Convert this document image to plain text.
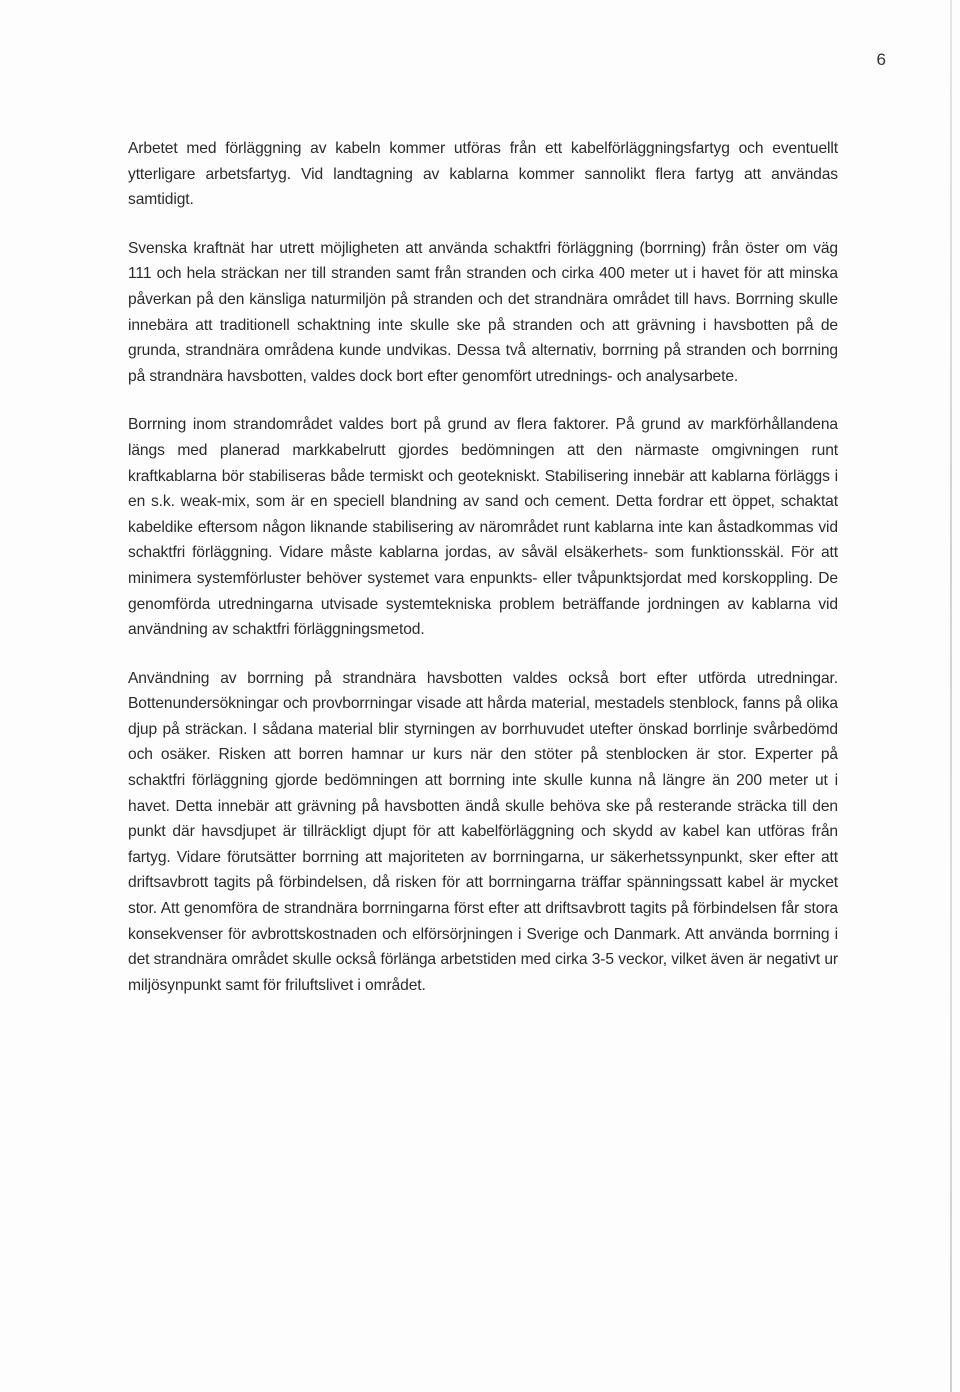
6

Arbetet med förläggning av kabeln kommer utföras från ett kabelförläggningsfartyg och eventuellt ytterligare arbetsfartyg. Vid landtagning av kablarna kommer sannolikt flera fartyg att användas samtidigt.

Svenska kraftnät har utrett möjligheten att använda schaktfri förläggning (borrning) från öster om väg 111 och hela sträckan ner till stranden samt från stranden och cirka 400 meter ut i havet för att minska påverkan på den känsliga naturmiljön på stranden och det strandnära området till havs. Borrning skulle innebära att traditionell schaktning inte skulle ske på stranden och att grävning i havsbotten på de grunda, strandnära områdena kunde undvikas. Dessa två alternativ, borrning på stranden och borrning på strandnära havsbotten, valdes dock bort efter genomfört utrednings- och analysarbete.

Borrning inom strandområdet valdes bort på grund av flera faktorer. På grund av markförhållandena längs med planerad markkabelrutt gjordes bedömningen att den närmaste omgivningen runt kraftkablarna bör stabiliseras både termiskt och geotekniskt. Stabilisering innebär att kablarna förläggs i en s.k. weak-mix, som är en speciell blandning av sand och cement. Detta fordrar ett öppet, schaktat kabeldike eftersom någon liknande stabilisering av närområdet runt kablarna inte kan åstadkommas vid schaktfri förläggning. Vidare måste kablarna jordas, av såväl elsäkerhets- som funktionsskäl. För att minimera systemförluster behöver systemet vara enpunkts- eller tvåpunktsjordat med korskoppling. De genomförda utredningarna utvisade systemtekniska problem beträffande jordningen av kablarna vid användning av schaktfri förläggningsmetod.

Användning av borrning på strandnära havsbotten valdes också bort efter utförda utredningar. Bottenundersökningar och provborrningar visade att hårda material, mestadels stenblock, fanns på olika djup på sträckan. I sådana material blir styrningen av borrhuvudet utefter önskad borrlinje svårbedömd och osäker. Risken att borren hamnar ur kurs när den stöter på stenblocken är stor. Experter på schaktfri förläggning gjorde bedömningen att borrning inte skulle kunna nå längre än 200 meter ut i havet. Detta innebär att grävning på havsbotten ändå skulle behöva ske på resterande sträcka till den punkt där havsdjupet är tillräckligt djupt för att kabelförläggning och skydd av kabel kan utföras från fartyg. Vidare förutsätter borrning att majoriteten av borrningarna, ur säkerhetssynpunkt, sker efter att driftsavbrott tagits på förbindelsen, då risken för att borrningarna träffar spänningssatt kabel är mycket stor. Att genomföra de strandnära borrningarna först efter att driftsavbrott tagits på förbindelsen får stora konsekvenser för avbrottskostnaden och elförsörjningen i Sverige och Danmark. Att använda borrning i det strandnära området skulle också förlänga arbetstiden med cirka 3-5 veckor, vilket även är negativt ur miljösynpunkt samt för friluftslivet i området.
